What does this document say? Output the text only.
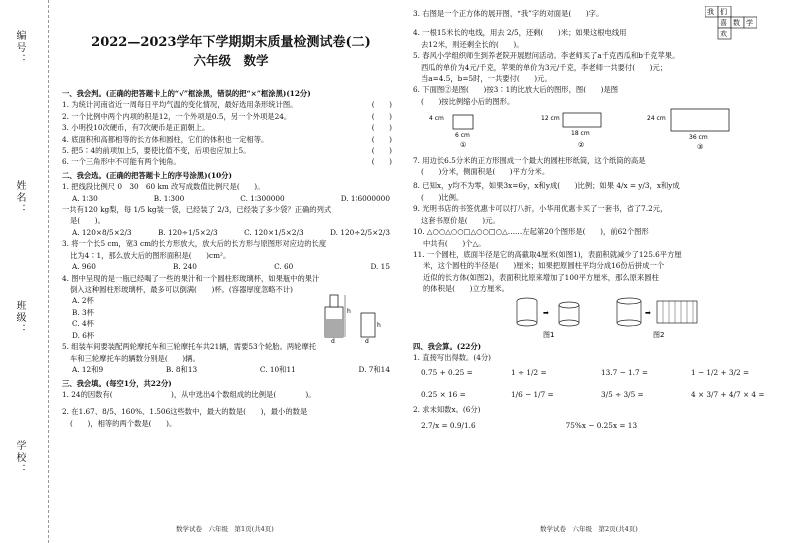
编号：
姓名：
班级：
学校：
2022—2023学年下学期期末质量检测试卷(二)
六年级　数学
一、我会判。(正确的把答题卡上的“√”框涂黑，错误的把“×”框涂黑)(12分)
1. 为统计河南省近一周每日平均气温的变化情况，最好选用条形统计图。	(　　)
2. 一个比例中两个内项的积是12，一个外项是0.5，另一个外项是24。	(　　)
3. 小明投10次硬币，有7次硬币是正面朝上。	(　　)
4. 底面积和高都相等的长方体和圆柱，它们的体积也一定相等。	(　　)
5. 把5∶4的前项加上5，要使比值不变，后项也应加上5。	(　　)
6. 一个三角形中不可能有两个钝角。	(　　)
二、我会选。(正确的把答题卡上的序号涂黑)(10分)
1. 把线段比例尺 0　30　60 km 改写成数值比例尺是(　　)。
A. 1∶30	B. 1∶300	C. 1∶300000	D. 1∶6000000
一共有120 kg梨，每 1/5 kg装一袋，已经装了 2/3，已经装了多少袋？正确的列式
是(　　)。
A. 120×8/5×2/3	B. 120÷1/5×2/3	C. 120×1/5×2/3	D. 120÷2/5×2/3
3. 将一个长5 cm，宽3 cm的长方形放大，放大后的长方形与原图形对应边的长度
比为4∶1，那么放大后的图形面积是(　　)cm²。
A. 960	B. 240	C. 60	D. 15
4. 图中呈现的是一瓶已经喝了一些的果汁和一个圆柱形玻璃杯，如果瓶中的果汁
倒入这种圆柱形玻璃杯，最多可以倒满(　　)杯。(容器厚度忽略不计)
A. 2杯
B. 3杯
C. 4杯
D. 6杯
h
d
h
d
5. 组装车间要装配两轮摩托车和三轮摩托车共21辆，需要53个轮胎。两轮摩托
车和三轮摩托车的辆数分别是(　　)辆。
A. 12和9	B. 8和13	C. 10和11	D. 7和14
三、我会填。(每空1分，共22分)
1. 24的因数有(　　　　　　　　)，从中选出4个数组成的比例是(　　　　)。
2. 在1.67、8/5、160%、1.506这些数中，最大的数是(　　)，最小的数是
(　　)，相等的两个数是(　　)。
数学试卷　六年级　第1页(共4页)
3. 右图是一个正方体的展开图，“我”字的对面是(　　)字。	我 们
喜 数 学
欢
4. 一根15米长的电线，用去 2/5，还剩(　　)米；如果这根电线用
去12米，则还剩全长的(　　)。
5. 春风小学组织师生到养老院开展慰问活动。李老师买了a千克西瓜和b千克苹果。
西瓜的单价为4元/千克，苹果的单价为3元/千克，李老师一共要付(　　)元；
当a=4.5，b=5时，一共要付(　　)元。
6. 下面图②是图(　　)按3∶1的比放大后的图形，图(　　)是图
(　　)按比例缩小后的图形。
4 cm
6 cm
12 cm
18 cm
24 cm
36 cm
①	②	③
7. 用边长6.5分米的正方形围成一个最大的圆柱形纸筒，这个纸筒的高是
(　　)分米，侧面积是(　　)平方分米。
8. 已知x，y均不为零，如果3x=6y，x和y成(　　)比例；如果 4/x = y/3，x和y成
(　　)比例。
9. 光明书店的书签优惠卡可以打八折，小华用优惠卡买了一套书，省了7.2元，
这套书原价是(　　)元。
10. △○○△○○□△○○□○△……左起第20个图形是(　　)，前62个图形
中共有(　　)个△。
11. 一个圆柱，底面半径是它的高截取4厘米(如图1)，表面积就减少了125.6平方厘
米，这个圆柱的半径是(　　)厘米；如果把原圆柱平均分成16份后拼成一个
近似的长方体(如图2)，表面积比原来增加了100平方厘米，那么原来圆柱
的体积是(　　)立方厘米。
➡
图1
➡
图2
四、我会算。(22分)
1. 直接写出得数。(4分)
0.75 + 0.25 =	1 ÷ 1/2 =	13.7 − 1.7 =	1 − 1/2 + 3/2 =
0.25 × 16 =	1/6 − 1/7 =	3/5 ÷ 3/5 =	4 × 3/7 + 4/7 × 4 =
2. 求未知数x。(6分)
2.7/x = 0.9/1.6	75%x − 0.25x = 13
数学试卷　六年级　第2页(共4页)
